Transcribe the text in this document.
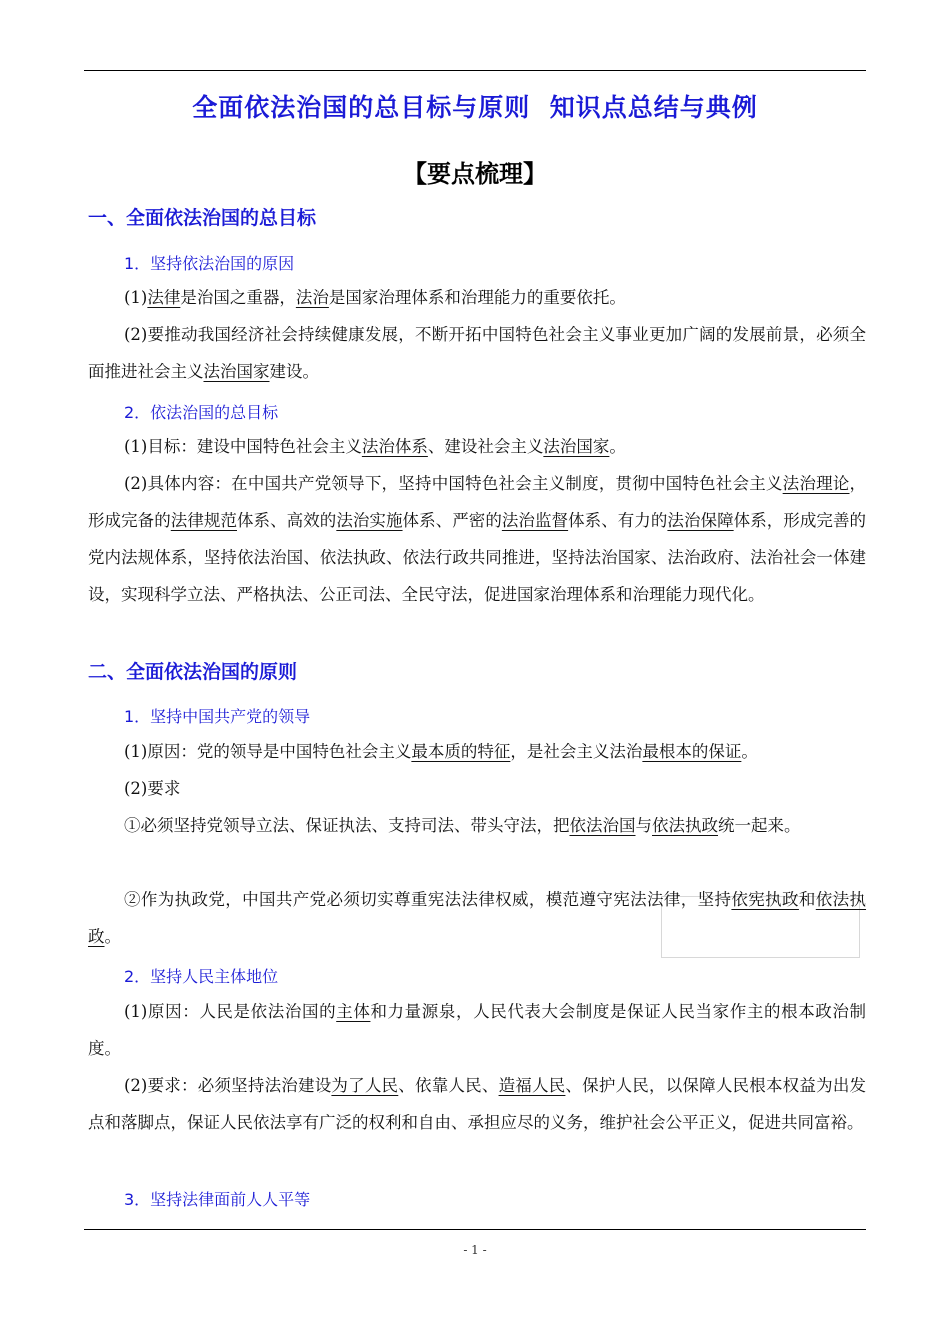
全面依法治国的总目标与原则  知识点总结与典例
【要点梳理】
一、全面依法治国的总目标
1．坚持依法治国的原因
(1)法律是治国之重器，法治是国家治理体系和治理能力的重要依托。
(2)要推动我国经济社会持续健康发展，不断开拓中国特色社会主义事业更加广阔的发展前景，必须全面推进社会主义法治国家建设。
2．依法治国的总目标
(1)目标：建设中国特色社会主义法治体系、建设社会主义法治国家。
(2)具体内容：在中国共产党领导下，坚持中国特色社会主义制度，贯彻中国特色社会主义法治理论，形成完备的法律规范体系、高效的法治实施体系、严密的法治监督体系、有力的法治保障体系，形成完善的党内法规体系，坚持依法治国、依法执政、依法行政共同推进，坚持法治国家、法治政府、法治社会一体建设，实现科学立法、严格执法、公正司法、全民守法，促进国家治理体系和治理能力现代化。
二、全面依法治国的原则
1．坚持中国共产党的领导
(1)原因：党的领导是中国特色社会主义最本质的特征，是社会主义法治最根本的保证。
(2)要求
①必须坚持党领导立法、保证执法、支持司法、带头守法，把依法治国与依法执政统一起来。
②作为执政党，中国共产党必须切实尊重宪法法律权威，模范遵守宪法法律，坚持依宪执政和依法执政。
2．坚持人民主体地位
(1)原因：人民是依法治国的主体和力量源泉，人民代表大会制度是保证人民当家作主的根本政治制度。
(2)要求：必须坚持法治建设为了人民、依靠人民、造福人民、保护人民，以保障人民根本权益为出发点和落脚点，保证人民依法享有广泛的权利和自由、承担应尽的义务，维护社会公平正义，促进共同富裕。
3．坚持法律面前人人平等
- 1 -
